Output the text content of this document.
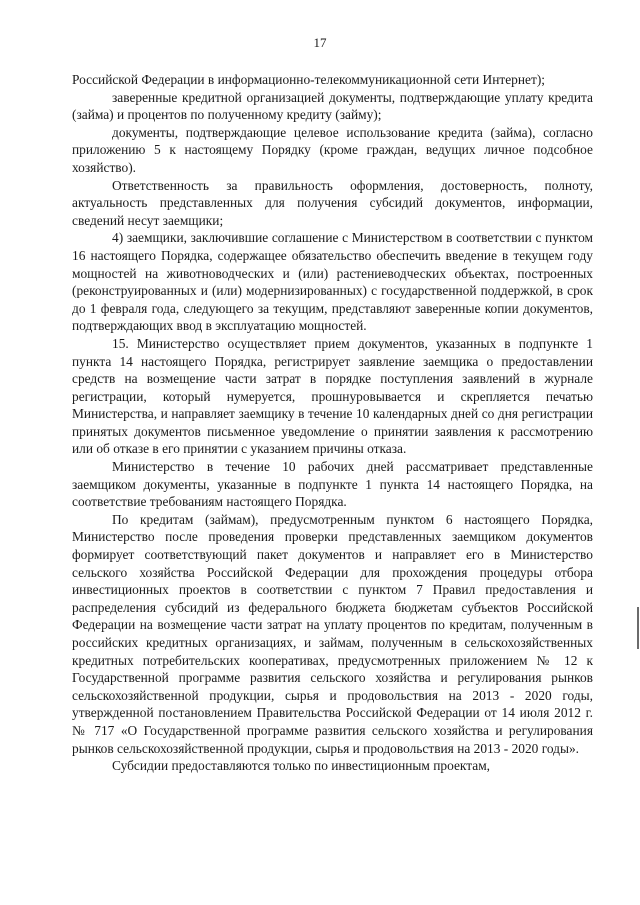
17

Российской Федерации в информационно-телекоммуникационной сети Интернет);

заверенные кредитной организацией документы, подтверждающие уплату кредита (займа) и процентов по полученному кредиту (займу);

документы, подтверждающие целевое использование кредита (займа), согласно приложению 5 к настоящему Порядку (кроме граждан, ведущих личное подсобное хозяйство).

Ответственность за правильность оформления, достоверность, полноту, актуальность представленных для получения субсидий документов, информации, сведений несут заемщики;

4) заемщики, заключившие соглашение с Министерством в соответствии с пунктом 16 настоящего Порядка, содержащее обязательство обеспечить введение в текущем году мощностей на животноводческих и (или) растениеводческих объектах, построенных (реконструированных и (или) модернизированных) с государственной поддержкой, в срок до 1 февраля года, следующего за текущим, представляют заверенные копии документов, подтверждающих ввод в эксплуатацию мощностей.

15. Министерство осуществляет прием документов, указанных в подпункте 1 пункта 14 настоящего Порядка, регистрирует заявление заемщика о предоставлении средств на возмещение части затрат в порядке поступления заявлений в журнале регистрации, который нумеруется, прошнуровывается и скрепляется печатью Министерства, и направляет заемщику в течение 10 календарных дней со дня регистрации принятых документов письменное уведомление о принятии заявления к рассмотрению или об отказе в его принятии с указанием причины отказа.

Министерство в течение 10 рабочих дней рассматривает представленные заемщиком документы, указанные в подпункте 1 пункта 14 настоящего Порядка, на соответствие требованиям настоящего Порядка.

По кредитам (займам), предусмотренным пунктом 6 настоящего Порядка, Министерство после проведения проверки представленных заемщиком документов формирует соответствующий пакет документов и направляет его в Министерство сельского хозяйства Российской Федерации для прохождения процедуры отбора инвестиционных проектов в соответствии с пунктом 7 Правил предоставления и распределения субсидий из федерального бюджета бюджетам субъектов Российской Федерации на возмещение части затрат на уплату процентов по кредитам, полученным в российских кредитных организациях, и займам, полученным в сельскохозяйственных кредитных потребительских кооперативах, предусмотренных приложением № 12 к Государственной программе развития сельского хозяйства и регулирования рынков сельскохозяйственной продукции, сырья и продовольствия на 2013 - 2020 годы, утвержденной постановлением Правительства Российской Федерации от 14 июля 2012 г. № 717 «О Государственной программе развития сельского хозяйства и регулирования рынков сельскохозяйственной продукции, сырья и продовольствия на 2013 - 2020 годы».

Субсидии предоставляются только по инвестиционным проектам,
